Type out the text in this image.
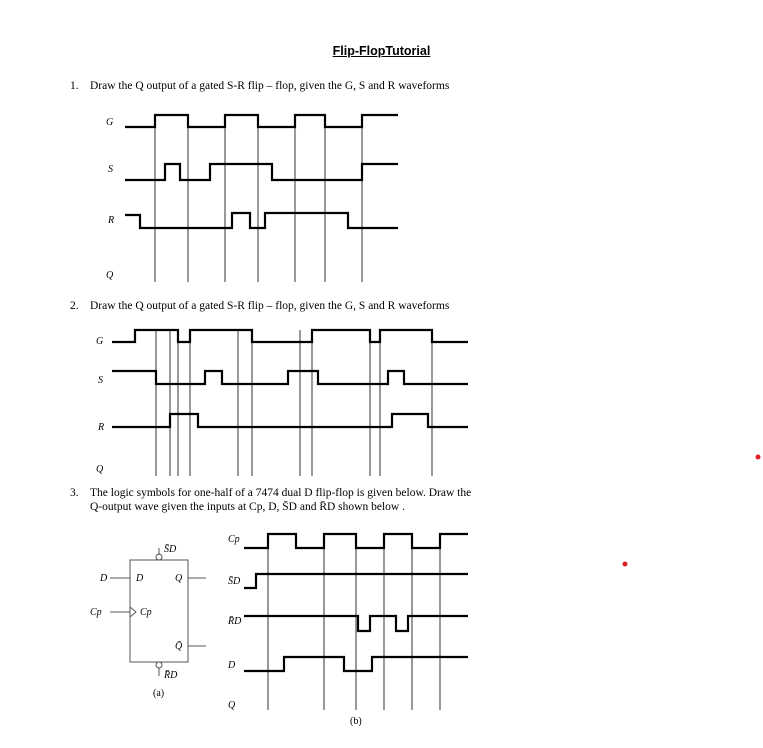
Flip-FlopTutorial
1. Draw the Q output of a gated S-R flip – flop, given the G, S and R waveforms
2. Draw the Q output of a gated S-R flip – flop, given the G, S and R waveforms
3. The logic symbols for one-half of a 7474 dual D flip-flop is given below. Draw the
Q-output wave given the inputs at Cp, D, S̄D and R̄D shown below .
G
S
R
Q
G
S
R
Q
S̄D
D	D
Cp	Cp
Q
Q̄
R̄D
(a)
Cp
S̄D
R̄D
D
Q
(b)
